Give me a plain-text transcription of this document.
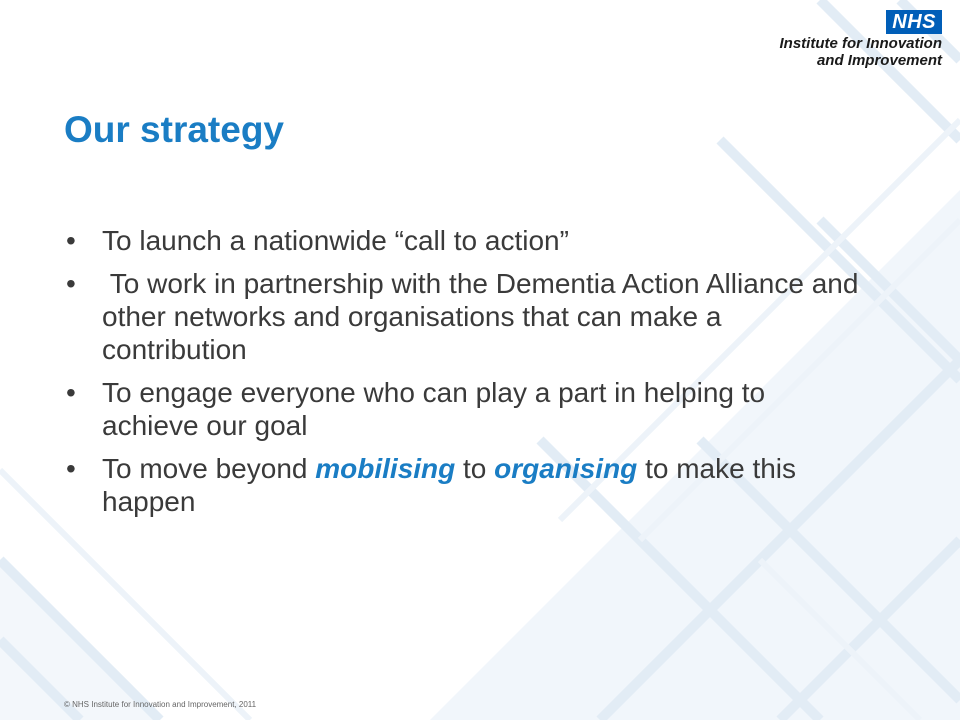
NHS
Institute for Innovation
and Improvement
Our strategy
• To launch a nationwide “call to action”
• To work in partnership with the Dementia Action Alliance and other networks and organisations that can make a contribution
• To engage everyone who can play a part in helping to achieve our goal
• To move beyond mobilising to organising to make this happen
© NHS Institute for Innovation and Improvement, 2011
